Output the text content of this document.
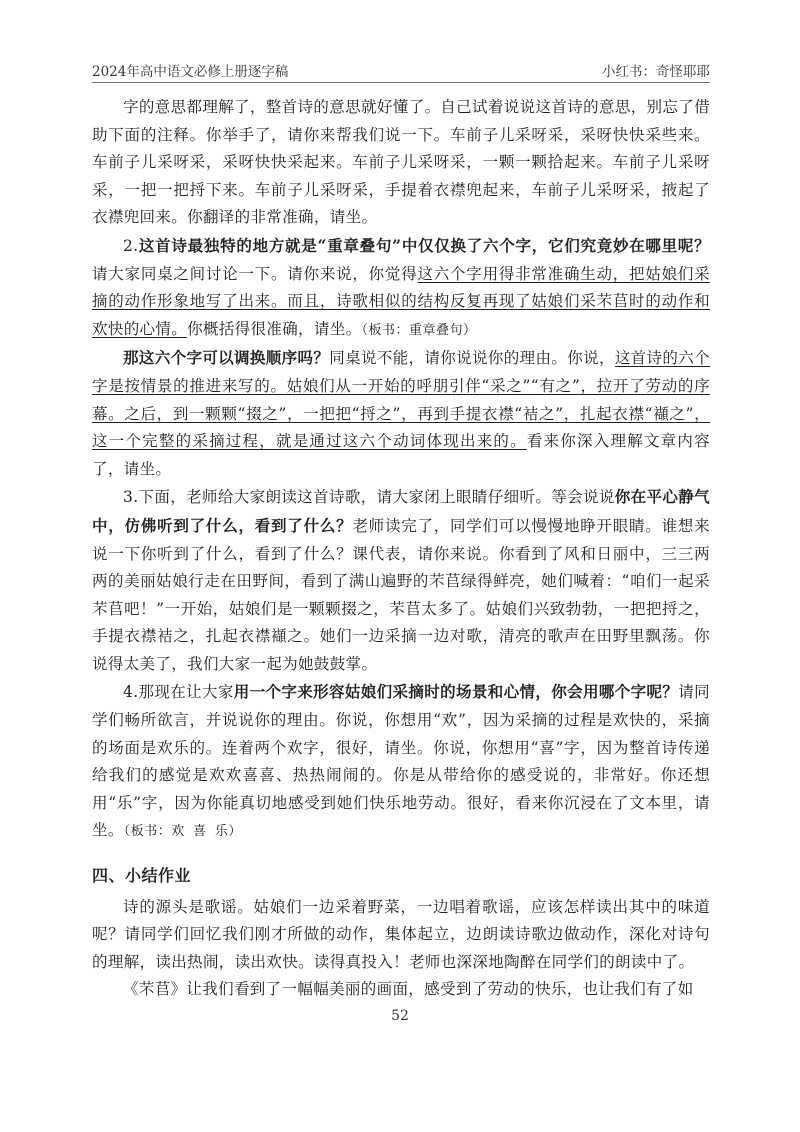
2024年高中语文必修上册逐字稿	小红书：奇怪耶耶

字的意思都理解了，整首诗的意思就好懂了。自己试着说说这首诗的意思，别忘了借助下面的注释。你举手了，请你来帮我们说一下。车前子儿采呀采，采呀快快采些来。车前子儿采呀采，采呀快快采起来。车前子儿采呀采，一颗一颗拾起来。车前子儿采呀采，一把一把捋下来。车前子儿采呀采，手提着衣襟兜起来，车前子儿采呀采，掖起了衣襟兜回来。你翻译的非常准确，请坐。

2.这首诗最独特的地方就是“重章叠句”中仅仅换了六个字，它们究竟妙在哪里呢？请大家同桌之间讨论一下。请你来说，你觉得这六个字用得非常准确生动，把姑娘们采摘的动作形象地写了出来。而且，诗歌相似的结构反复再现了姑娘们采芣苢时的动作和欢快的心情。你概括得很准确，请坐。（板书：重章叠句）

那这六个字可以调换顺序吗？同桌说不能，请你说说你的理由。你说，这首诗的六个字是按情景的推进来写的。姑娘们从一开始的呼朋引伴“采之”“有之”，拉开了劳动的序幕。之后，到一颗颗“掇之”，一把把“捋之”，再到手提衣襟“袺之”，扎起衣襟“襭之”，这一个完整的采摘过程，就是通过这六个动词体现出来的。看来你深入理解文章内容了，请坐。

3.下面，老师给大家朗读这首诗歌，请大家闭上眼睛仔细听。等会说说你在平心静气中，仿佛听到了什么，看到了什么？老师读完了，同学们可以慢慢地睁开眼睛。谁想来说一下你听到了什么，看到了什么？课代表，请你来说。你看到了风和日丽中，三三两两的美丽姑娘行走在田野间，看到了满山遍野的芣苢绿得鲜亮，她们喊着：“咱们一起采芣苢吧！”一开始，姑娘们是一颗颗掇之，芣苢太多了。姑娘们兴致勃勃，一把把捋之，手提衣襟袺之，扎起衣襟襭之。她们一边采摘一边对歌，清亮的歌声在田野里飘荡。你说得太美了，我们大家一起为她鼓鼓掌。

4.那现在让大家用一个字来形容姑娘们采摘时的场景和心情，你会用哪个字呢？请同学们畅所欲言，并说说你的理由。你说，你想用“欢”，因为采摘的过程是欢快的，采摘的场面是欢乐的。连着两个欢字，很好，请坐。你说，你想用“喜”字，因为整首诗传递给我们的感觉是欢欢喜喜、热热闹闹的。你是从带给你的感受说的，非常好。你还想用“乐”字，因为你能真切地感受到她们快乐地劳动。很好，看来你沉浸在了文本里，请坐。（板书：欢 喜 乐）

四、小结作业

诗的源头是歌谣。姑娘们一边采着野菜，一边唱着歌谣，应该怎样读出其中的味道呢？请同学们回忆我们刚才所做的动作，集体起立，边朗读诗歌边做动作，深化对诗句的理解，读出热闹，读出欢快。读得真投入！老师也深深地陶醉在同学们的朗读中了。

《芣苢》让我们看到了一幅幅美丽的画面，感受到了劳动的快乐，也让我们有了如

52
